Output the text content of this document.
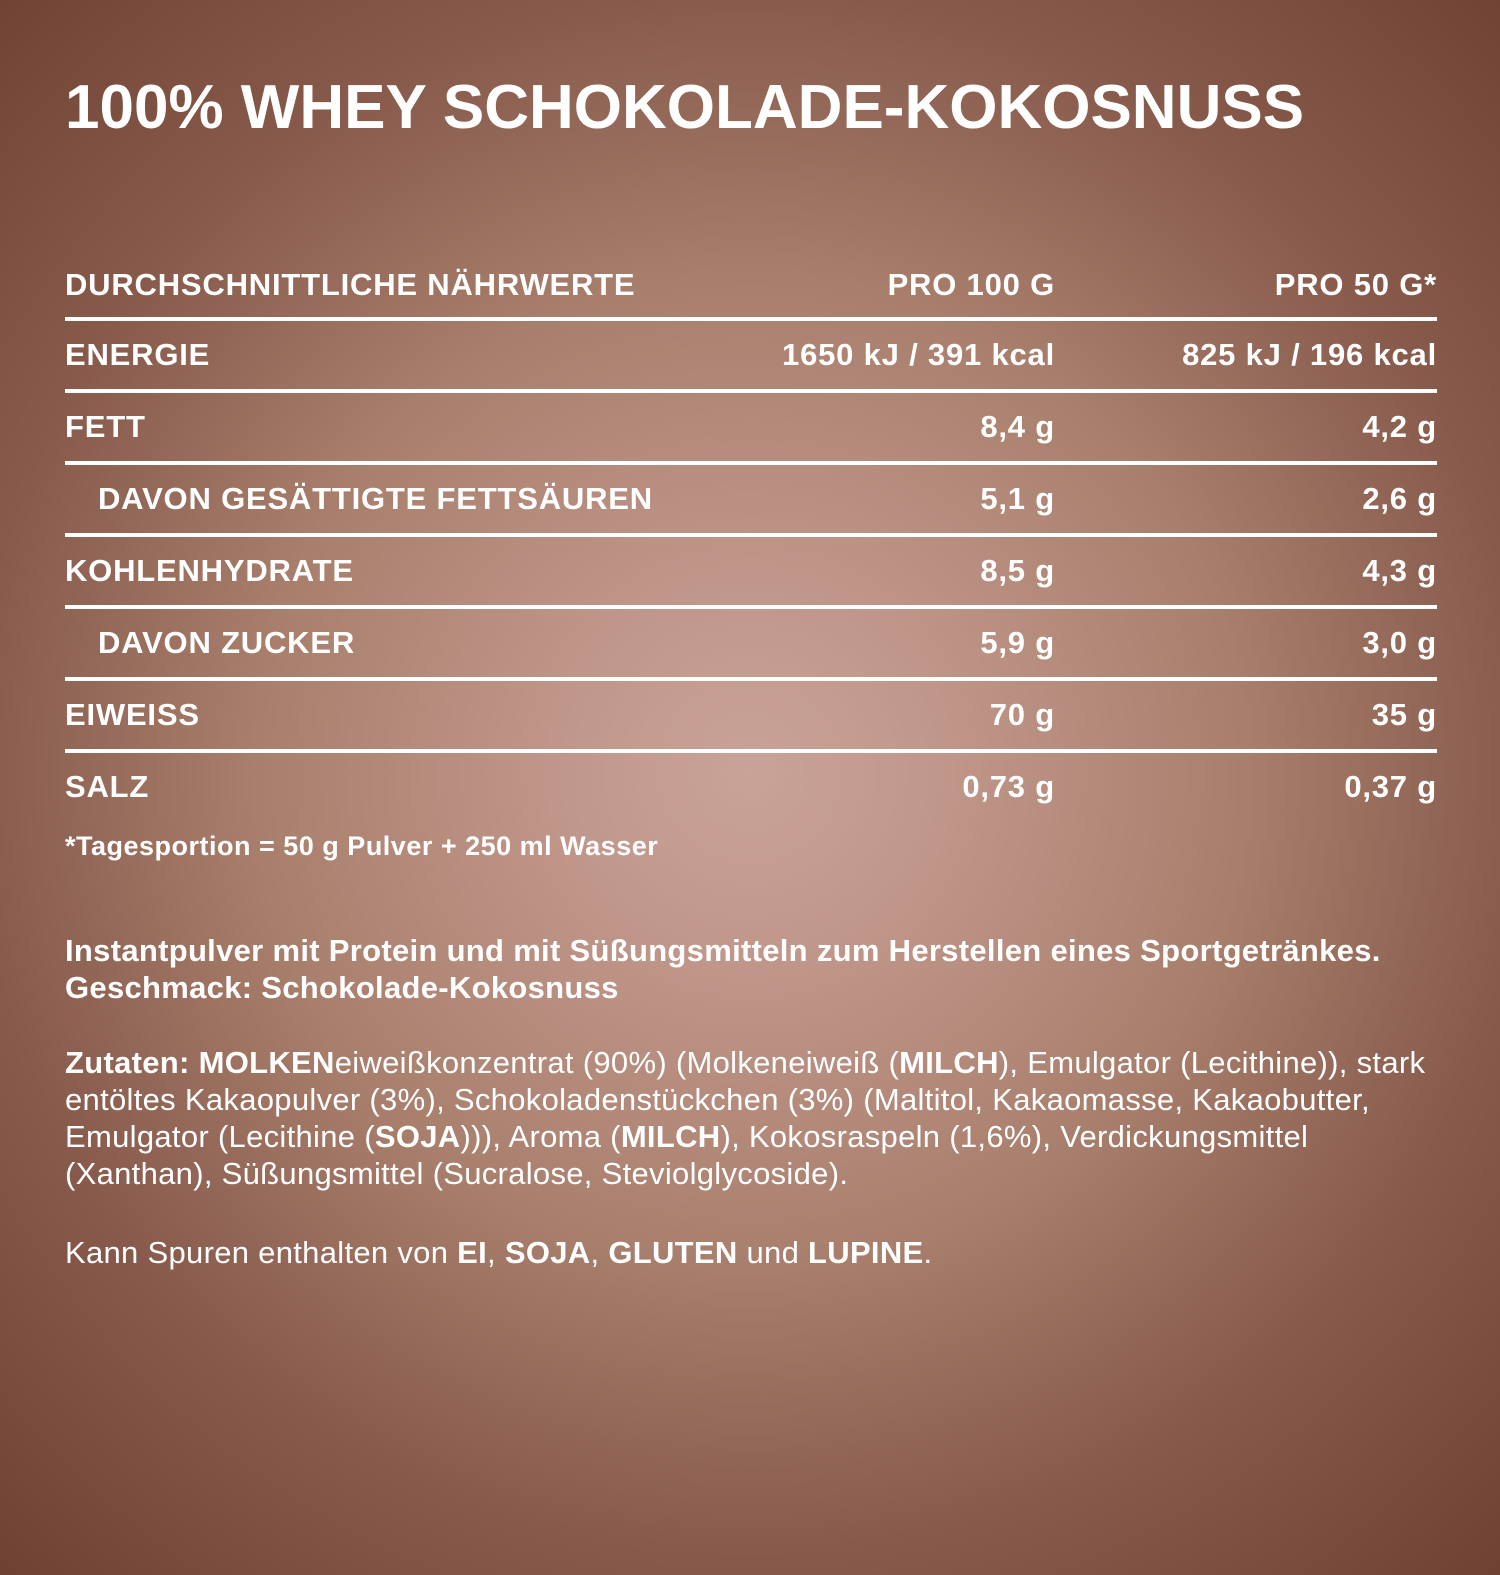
100% WHEY SCHOKOLADE-KOKOSNUSS
DURCHSCHNITTLICHE NÄHRWERTE	PRO 100 G	PRO 50 G*
ENERGIE	1650 kJ / 391 kcal	825 kJ / 196 kcal
FETT	8,4 g	4,2 g
DAVON GESÄTTIGTE FETTSÄUREN	5,1 g	2,6 g
KOHLENHYDRATE	8,5 g	4,3 g
DAVON ZUCKER	5,9 g	3,0 g
EIWEISS	70 g	35 g
SALZ	0,73 g	0,37 g
*Tagesportion = 50 g Pulver + 250 ml Wasser

Instantpulver mit Protein und mit Süßungsmitteln zum Herstellen eines Sportgetränkes. Geschmack: Schokolade-Kokosnuss

Zutaten: MOLKENeiweißkonzentrat (90%) (Molkeneiweiß (MILCH), Emulgator (Lecithine)), stark entöltes Kakaopulver (3%), Schokoladenstückchen (3%) (Maltitol, Kakaomasse, Kakaobutter, Emulgator (Lecithine (SOJA))), Aroma (MILCH), Kokosraspeln (1,6%), Verdickungsmittel (Xanthan), Süßungsmittel (Sucralose, Steviolglycoside).

Kann Spuren enthalten von EI, SOJA, GLUTEN und LUPINE.
